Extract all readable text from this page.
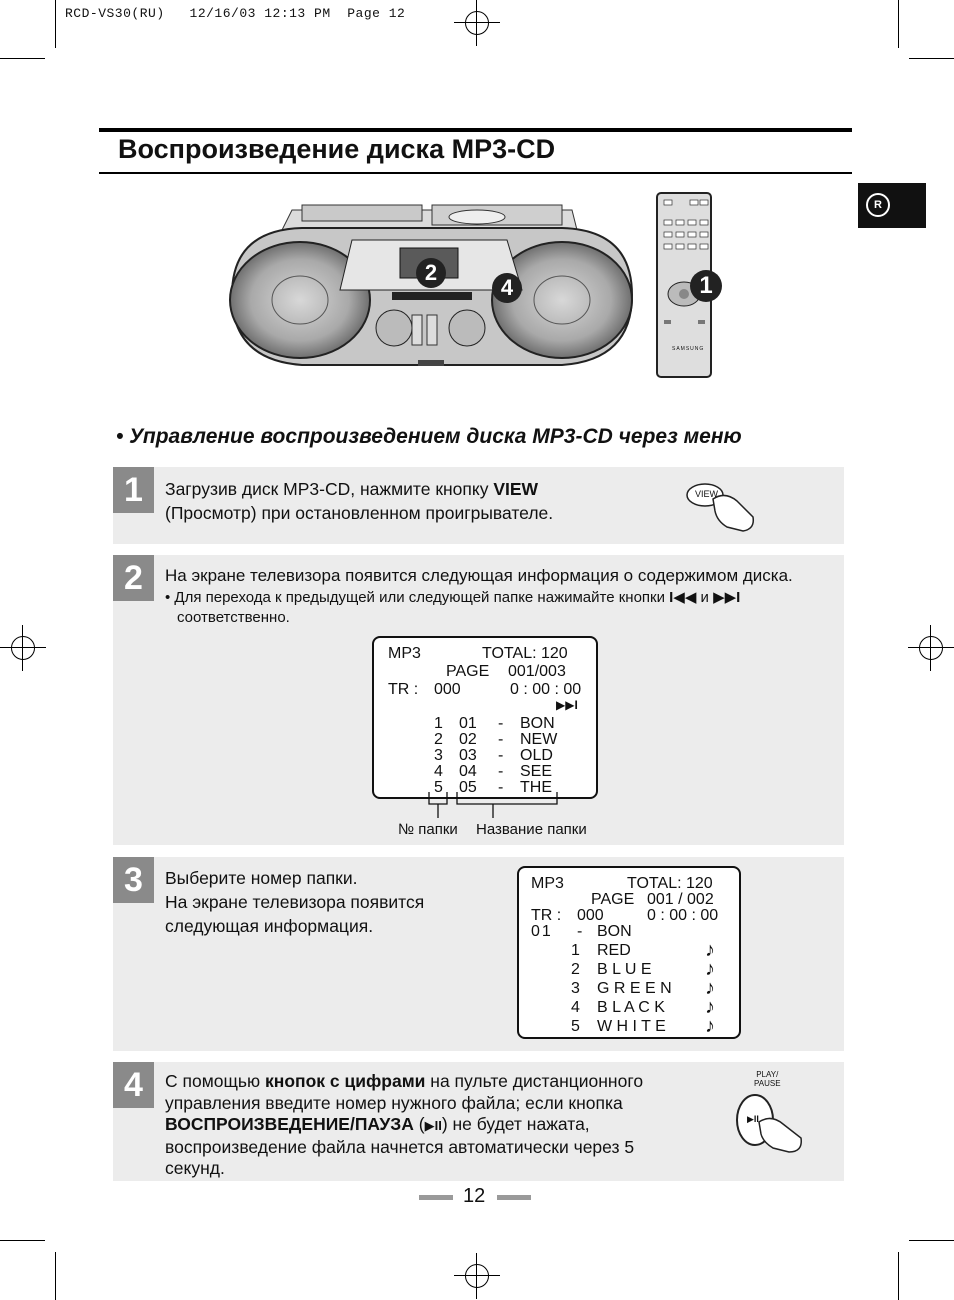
RCD-VS30(RU)   12/16/03 12:13 PM  Page 12
Воспроизведение диска MP3-CD
R
2
4
SAMSUNG
1
• Управление воспроизведением диска MP3-CD через меню
1	Загрузив диск MP3-CD, нажмите кнопку VIEW
(Просмотр) при остановленном проигрывателе.
VIEW
2	На экране телевизора появится следующая информация о содержимом диска.
• Для перехода к предыдущей или следующей папке нажимайте кнопки I◀◀ и ▶▶I
соответственно.
MP3	TOTAL: 120
PAGE 001/003
TR : 000	0 : 00 : 00
▶▶I
1 01 - BON
2 02 - NEW
3 03 - OLD
4 04 - SEE
5 05 - THE
№ папки Название папки
3	Выберите номер папки.
На экране телевизора появится
следующая информация.
MP3	TOTAL: 120
PAGE 001 / 002
TR : 000	0 : 00 : 00
01 - BON
1 RED	♪
2 B L U E	♪
3 G R E E N ♪
4 B L A C K ♪
5 W H I T E ♪
4	С помощью кнопок с цифрами на пульте дистанционного
управления введите номер нужного файла; если кнопка
ВОСПРОИЗВЕДЕНИЕ/ПАУЗА (▶II) не будет нажата,
воспроизведение файла начнется автоматически через 5
секунд.
PLAY/
PAUSE
▶II
12
